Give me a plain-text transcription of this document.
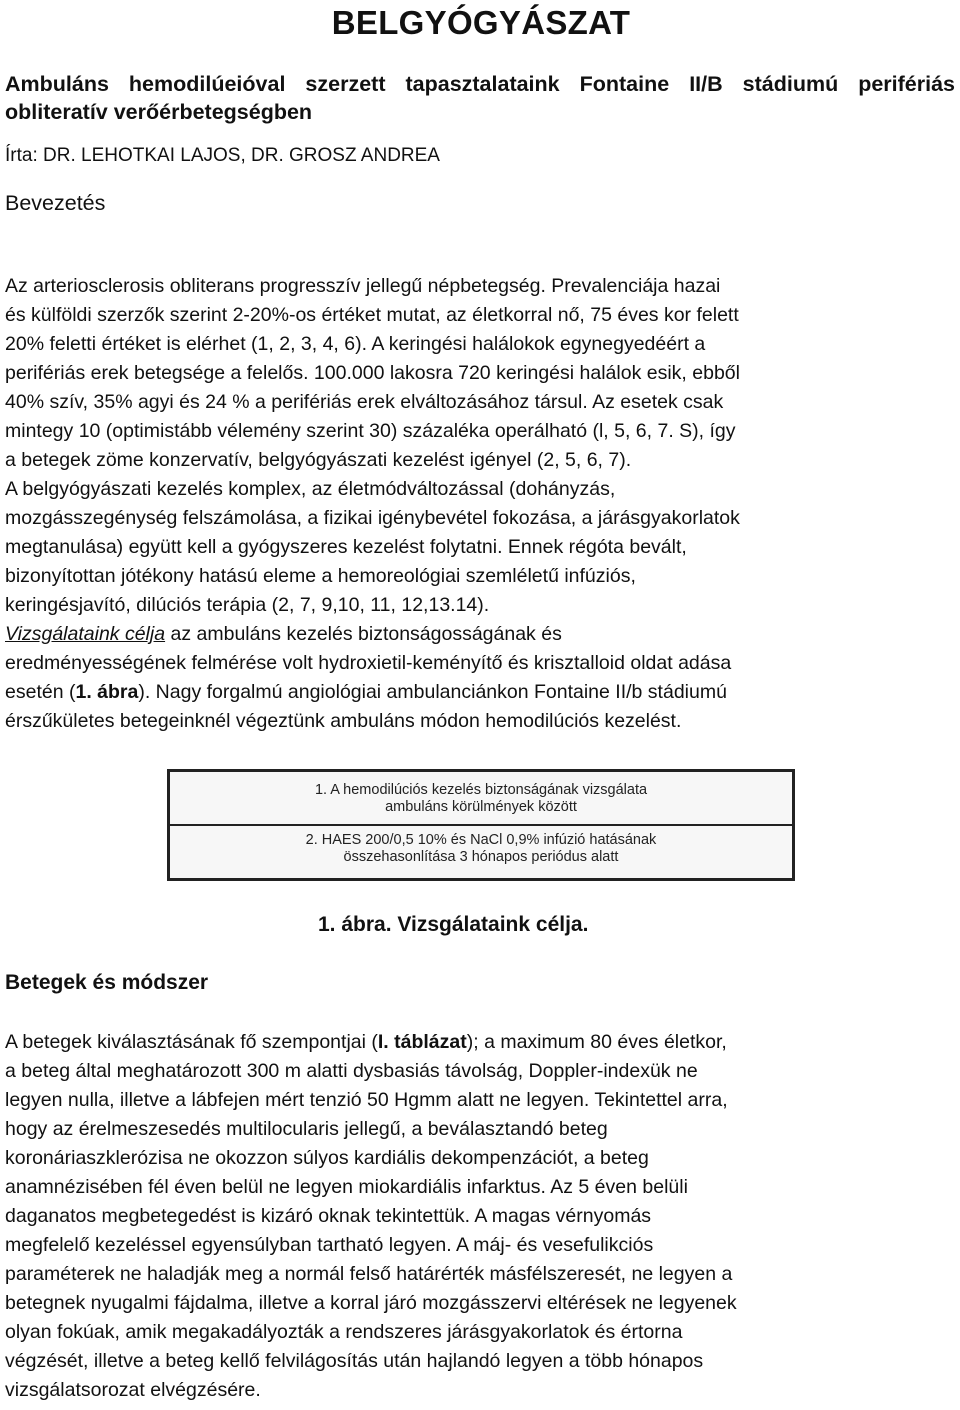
BELGYÓGYÁSZAT
Ambuláns hemodilúeióval szerzett tapasztalataink Fontaine II/B stádiumú perifériás obliteratív verőérbetegségben
Írta: DR. LEHOTKAI LAJOS, DR. GROSZ ANDREA
Bevezetés
Az arteriosclerosis obliterans progresszív jellegű népbetegség. Prevalenciája hazai
és külföldi szerzők szerint 2-20%-os értéket mutat, az életkorral nő, 75 éves kor felett
20% feletti értéket is elérhet (1, 2, 3, 4, 6). A keringési halálokok egynegyedéért a
perifériás erek betegsége a felelős. 100.000 lakosra 720 keringési halálok esik, ebből
40% szív, 35% agyi és 24 % a perifériás erek elváltozásához társul. Az esetek csak
mintegy 10 (optimistább vélemény szerint 30) százaléka operálható (l, 5, 6, 7. S), így
a betegek zöme konzervatív, belgyógyászati kezelést igényel (2, 5, 6, 7).
A belgyógyászati kezelés komplex, az életmódváltozással (dohányzás,
mozgásszegénység felszámolása, a fizikai igénybevétel fokozása, a járásgyakorlatok
megtanulása) együtt kell a gyógyszeres kezelést folytatni. Ennek régóta bevált,
bizonyítottan jótékony hatású eleme a hemoreológiai szemléletű infúziós,
keringésjavító, dilúciós terápia (2, 7, 9,10, 11, 12,13.14).
Vizsgálataink célja az ambuláns kezelés biztonságosságának és
eredményességének felmérése volt hydroxietil-keményítő és krisztalloid oldat adása
esetén (1. ábra). Nagy forgalmú angiológiai ambulanciánkon Fontaine II/b stádiumú
érszűkületes betegeinknél végeztünk ambuláns módon hemodilúciós kezelést.
1. A hemodilúciós kezelés biztonságának vizsgálata
ambuláns körülmények között
2. HAES 200/0,5 10% és NaCl 0,9% infúzió hatásának
összehasonlítása 3 hónapos periódus alatt
1. ábra. Vizsgálataink célja.
Betegek és módszer
A betegek kiválasztásának fő szempontjai (I. táblázat); a maximum 80 éves életkor,
a beteg által meghatározott 300 m alatti dysbasiás távolság, Doppler-indexük ne
legyen nulla, illetve a lábfejen mért tenzió 50 Hgmm alatt ne legyen. Tekintettel arra,
hogy az érelmeszesedés multilocularis jellegű, a beválasztandó beteg
koronáriaszklerózisa ne okozzon súlyos kardiális dekompenzációt, a beteg
anamnézisében fél éven belül ne legyen miokardiális infarktus. Az 5 éven belüli
daganatos megbetegedést is kizáró oknak tekintettük. A magas vérnyomás
megfelelő kezeléssel egyensúlyban tartható legyen. A máj- és vesefulikciós
paraméterek ne haladják meg a normál felső határérték másfélszeresét, ne legyen a
betegnek nyugalmi fájdalma, illetve a korral járó mozgásszervi eltérések ne legyenek
olyan fokúak, amik megakadályozták a rendszeres járásgyakorlatok és értorna
végzését, illetve a beteg kellő felvilágosítás után hajlandó legyen a több hónapos
vizsgálatsorozat elvégzésére.
